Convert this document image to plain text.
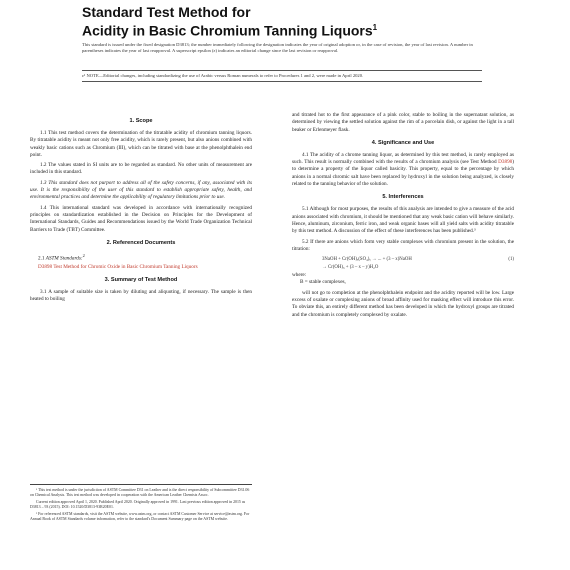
Standard Test Method for
Acidity in Basic Chromium Tanning Liquors$^1$
This standard is issued under the fixed designation D3813; the number immediately following the designation indicates the year of original adoption or, in the case of revision, the year of last revision. A number in parentheses indicates the year of last reapproval. A superscript epsilon (ε) indicates an editorial change since the last revision or reapproval.
ε¹ NOTE—Editorial changes, including standardizing the use of Arabic versus Roman numerals to refer to Procedures 1 and 2, were made in April 2020.
1. Scope

1.1 This test method covers the determination of the titratable acidity of chromium tanning liquors. By titratable acidity is meant not only free acidity, which is rarely present, but also anions combined with weakly basic cations such as Chromium (III), which can be titrated with base at the phenolphthalein end point.

1.2 The values stated in SI units are to be regarded as standard. No other units of measurement are included in this standard.

1.3 This standard does not purport to address all of the safety concerns, if any, associated with its use. It is the responsibility of the user of this standard to establish appropriate safety, health, and environmental practices and determine the applicability of regulatory limitations prior to use.

1.4 This international standard was developed in accordance with internationally recognized principles on standardization established in the Decision on Principles for the Development of International Standards, Guides and Recommendations issued by the World Trade Organization Technical Barriers to Trade (TBT) Committee.

2. Referenced Documents
2.1 ASTM Standards:$^2$
D3898 Test Method for Chromic Oxide in Basic Chromium Tanning Liquors
3. Summary of Test Method

3.1 A sample of suitable size is taken by diluting and aliquoting, if necessary. The sample is then heated to boiling

¹ This test method is under the jurisdiction of ASTM Committee D31 on Leather and is the direct responsibility of Subcommittee D31.06 on Chemical Analysis. This test method was developed in cooperation with the American Leather Chemists Assoc.

Current edition approved April 1, 2020. Published April 2020. Originally approved in 1991. Last previous edition approved in 2015 as D3813 – 93 (2015). DOI: 10.1520/D3813-93R20E01.

² For referenced ASTM standards, visit the ASTM website, www.astm.org, or contact ASTM Customer Service at service@astm.org. For Annual Book of ASTM Standards volume information, refer to the standard's Document Summary page on the ASTM website.

and titrated hot to the first appearance of a pink color, stable to boiling in the supernatant solution, as determined by viewing the settled solution against the rim of a porcelain dish, or against the light in a tall beaker or Erlenmeyer flask.

4. Significance and Use

4.1 The acidity of a chrome tanning liquor, as determined by this test method, is rarely employed as such. This result is normally combined with the results of a chromium analysis (see Test Method D3898) to determine a property of the liquor called basicity. This property, equal to the percentage by which anions in a normal chromic salt have been replaced by hydroxyl in the solution being analyzed, is closely related to the tanning behavior of the solution.

5. Interferences

5.1 Although for most purposes, the results of this analysis are intended to give a measure of the acid anions associated with chromium, it should be mentioned that any weak basic cation will behave similarly. Hence, aluminum, zirconium, ferric iron, and weak organic bases will all yield salts with acidity titratable by this test method. A discussion of the effect of these interferences has been published.³

5.2 If there are anions which form very stable complexes with chromium present in the solution, the titration:

3NaOH + Cr(OH)ₓ(SO₄)ᵧ → ... + (3 – x)NaOH	(1)
→ Cr(OH)₃ + (3 – x – y)H₂O

where:

B = stable complexes,

will not go to completion at the phenolphthalein endpoint and the acidity reported will be low. Large excess of oxalate or complexing anions of broad affinity used for masking effect will introduce this error. To obviate this, an entirely different method has been developed in which the hydroxyl groups are titrated and the chromium is completely complexed by oxalate.
